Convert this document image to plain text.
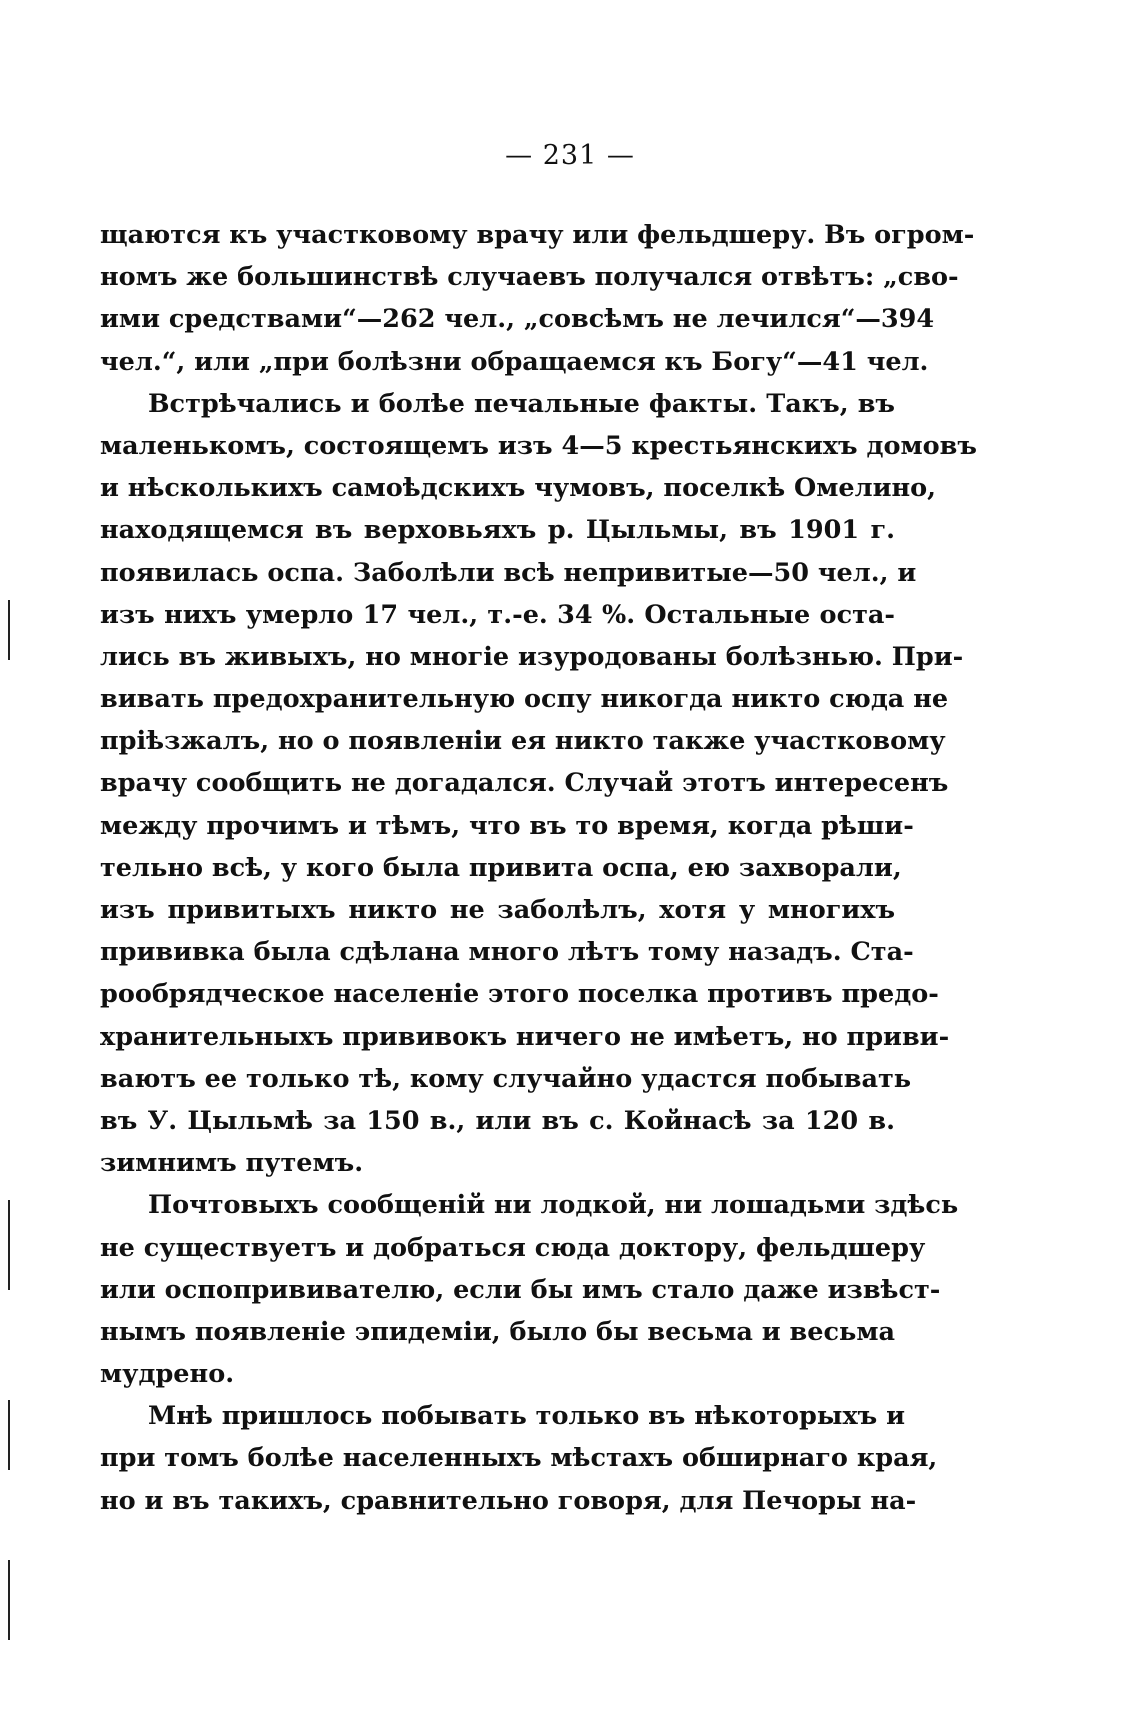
— 231 —
щаются къ участковому врачу или фельдшеру. Въ огром-
номъ же большинствѣ случаевъ получался отвѣтъ: „сво-
ими средствами“—262 чел., „совсѣмъ не лечился“—394
чел.“, или „при болѣзни обращаемся къ Богу“—41 чел.
Встрѣчались и болѣе печальные факты. Такъ, въ
маленькомъ, состоящемъ изъ 4—5 крестьянскихъ домовъ
и нѣсколькихъ самоѣдскихъ чумовъ, поселкѣ Омелино,
находящемся въ верховьяхъ р. Цыльмы, въ 1901 г.
появилась оспа. Заболѣли всѣ непривитые—50 чел., и
изъ нихъ умерло 17 чел., т.-е. 34 %. Остальные оста-
лись въ живыхъ, но многіе изуродованы болѣзнью. При-
вивать предохранительную оспу никогда никто сюда не
пріѣзжалъ, но о появленіи ея никто также участковому
врачу сообщить не догадался. Случай этотъ интересенъ
между прочимъ и тѣмъ, что въ то время, когда рѣши-
тельно всѣ, у кого была привита оспа, ею захворали,
изъ привитыхъ никто не заболѣлъ, хотя у многихъ
прививка была сдѣлана много лѣтъ тому назадъ. Ста-
рообрядческое населеніе этого поселка противъ предо-
хранительныхъ прививокъ ничего не имѣетъ, но приви-
ваютъ ее только тѣ, кому случайно удастся побывать
въ У. Цыльмѣ за 150 в., или въ с. Койнасѣ за 120 в.
зимнимъ путемъ.
Почтовыхъ сообщеній ни лодкой, ни лошадьми здѣсь
не существуетъ и добраться сюда доктору, фельдшеру
или оспопрививателю, если бы имъ стало даже извѣст-
нымъ появленіе эпидеміи, было бы весьма и весьма
мудрено.
Мнѣ пришлось побывать только въ нѣкоторыхъ и
при томъ болѣе населенныхъ мѣстахъ обширнаго края,
но и въ такихъ, сравнительно говоря, для Печоры на-
